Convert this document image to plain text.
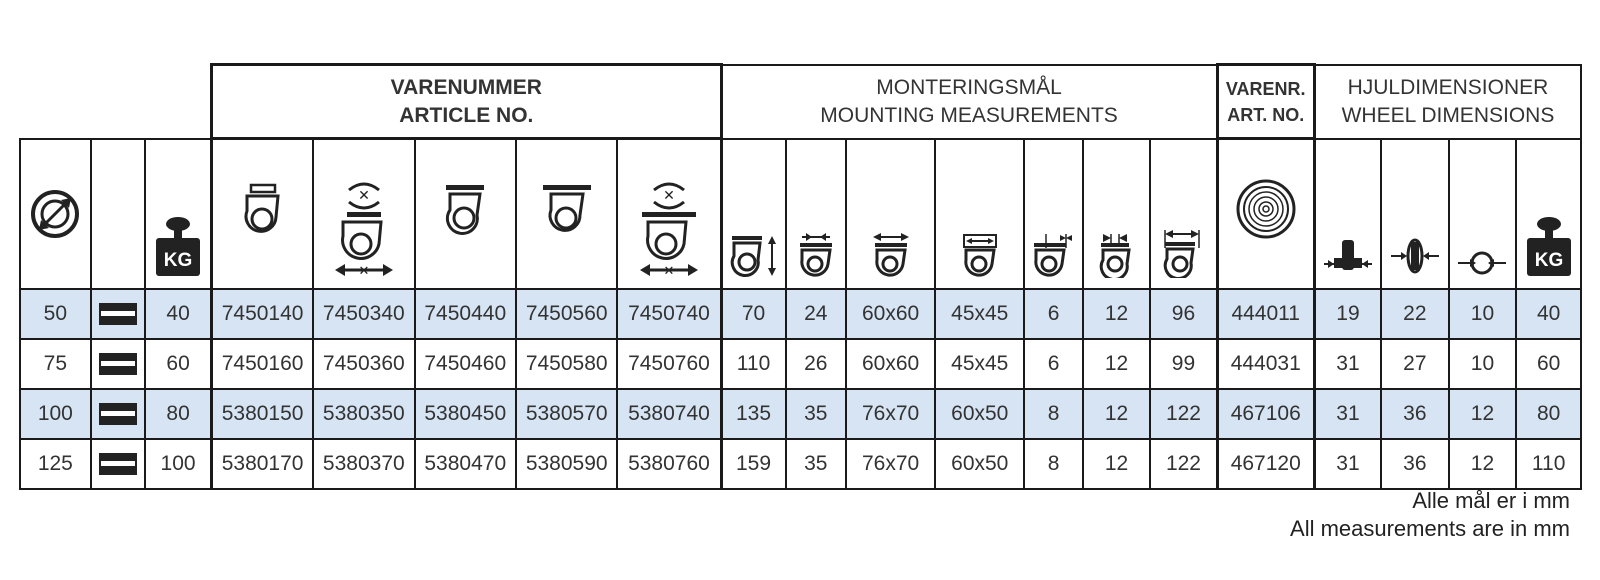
			VARENUMMER
ARTICLE NO.					MONTERINGSMÅL
MOUNTING MEASUREMENTS							VARENR.
ART. NO.	HJULDIMENSIONER
WHEEL DIMENSIONS			

KG		✕
✕			✕
✕												KG

50		40	7450140	7450340	7450440	7450560	7450740	70	24	60x60	45x45	6	12	96	444011	19	22	10	40
75		60	7450160	7450360	7450460	7450580	7450760	110	26	60x60	45x45	6	12	99	444031	31	27	10	60
100		80	5380150	5380350	5380450	5380570	5380740	135	35	76x70	60x50	8	12	122	467106	31	36	12	80
125		100	5380170	5380370	5380470	5380590	5380760	159	35	76x70	60x50	8	12	122	467120	31	36	12	110
Alle mål er i mm
All measurements are in mm
